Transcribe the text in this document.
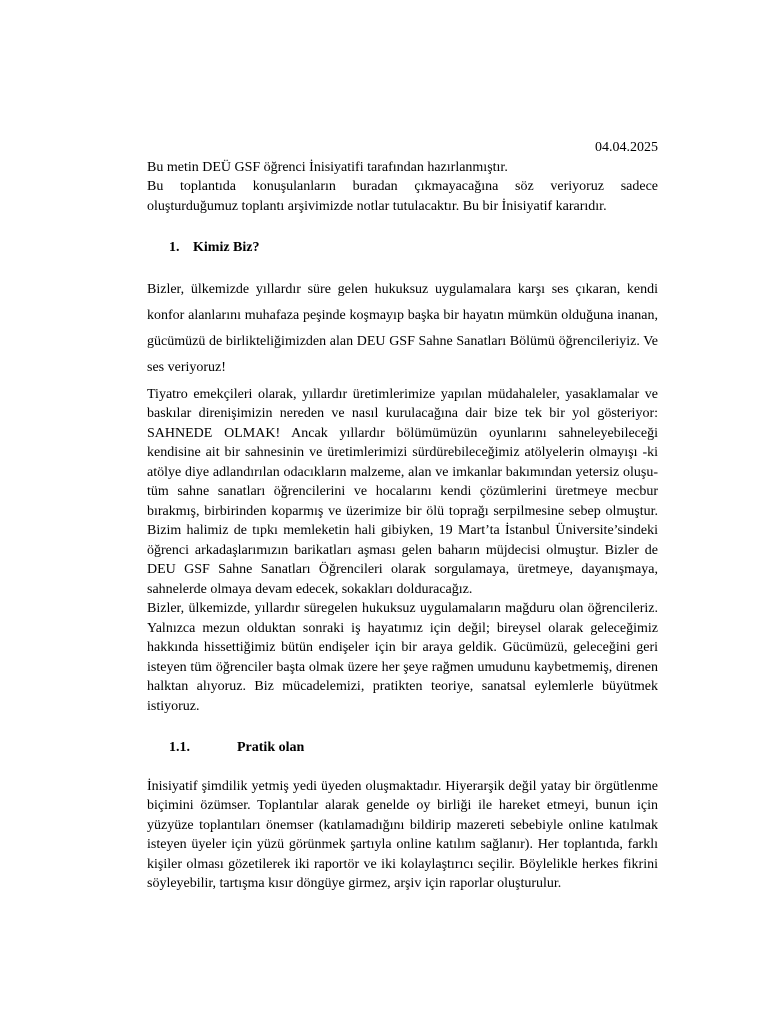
04.04.2025

Bu metin DEÜ GSF öğrenci İnisiyatifi tarafından hazırlanmıştır.

Bu toplantıda konuşulanların buradan çıkmayacağına söz veriyoruz sadece oluşturduğumuz toplantı arşivimizde notlar tutulacaktır. Bu bir İnisiyatif kararıdır.

1. Kimiz Biz?

Bizler, ülkemizde yıllardır süre gelen hukuksuz uygulamalara karşı ses çıkaran, kendi konfor alanlarını muhafaza peşinde koşmayıp başka bir hayatın mümkün olduğuna inanan, gücümüzü de birlikteliğimizden alan DEU GSF Sahne Sanatları Bölümü öğrencileriyiz. Ve ses veriyoruz!

Tiyatro emekçileri olarak, yıllardır üretimlerimize yapılan müdahaleler, yasaklamalar ve baskılar direnişimizin nereden ve nasıl kurulacağına dair bize tek bir yol gösteriyor: SAHNEDE OLMAK! Ancak yıllardır bölümümüzün oyunlarını sahneleyebileceği kendisine ait bir sahnesinin ve üretimlerimizi sürdürebileceğimiz atölyelerin olmayışı -ki atölye diye adlandırılan odacıkların malzeme, alan ve imkanlar bakımından yetersiz oluşu- tüm sahne sanatları öğrencilerini ve hocalarını kendi çözümlerini üretmeye mecbur bırakmış, birbirinden koparmış ve üzerimize bir ölü toprağı serpilmesine sebep olmuştur. Bizim halimiz de tıpkı memleketin hali gibiyken, 19 Mart’ta İstanbul Üniversite’sindeki öğrenci arkadaşlarımızın barikatları aşması gelen baharın müjdecisi olmuştur. Bizler de DEU GSF Sahne Sanatları Öğrencileri olarak sorgulamaya, üretmeye, dayanışmaya, sahnelerde olmaya devam edecek, sokakları dolduracağız.

Bizler, ülkemizde, yıllardır süregelen hukuksuz uygulamaların mağduru olan öğrencileriz. Yalnızca mezun olduktan sonraki iş hayatımız için değil; bireysel olarak geleceğimiz hakkında hissettiğimiz bütün endişeler için bir araya geldik. Gücümüzü, geleceğini geri isteyen tüm öğrenciler başta olmak üzere her şeye rağmen umudunu kaybetmemiş, direnen halktan alıyoruz. Biz mücadelemizi, pratikten teoriye, sanatsal eylemlerle büyütmek istiyoruz.

1.1.	Pratik olan

İnisiyatif şimdilik yetmiş yedi üyeden oluşmaktadır. Hiyerarşik değil yatay bir örgütlenme biçimini özümser. Toplantılar alarak genelde oy birliği ile hareket etmeyi, bunun için yüzyüze toplantıları önemser (katılamadığını bildirip mazereti sebebiyle online katılmak isteyen üyeler için yüzü görünmek şartıyla online katılım sağlanır). Her toplantıda, farklı kişiler olması gözetilerek iki raportör ve iki kolaylaştırıcı seçilir. Böylelikle herkes fikrini söyleyebilir, tartışma kısır döngüye girmez, arşiv için raporlar oluşturulur.
